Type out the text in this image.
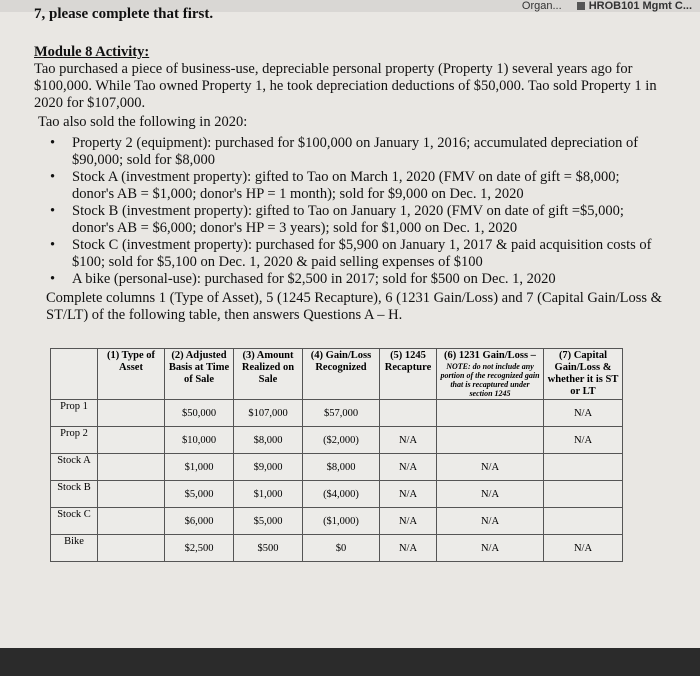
Organ... HROB101 Mgmt C...
7, please complete that first.

Module 8 Activity:

Tao purchased a piece of business-use, depreciable personal property (Property 1) several years ago for $100,000. While Tao owned Property 1, he took depreciation deductions of $50,000. Tao sold Property 1 in 2020 for $107,000.

Tao also sold the following in 2020:

• Property 2 (equipment): purchased for $100,000 on January 1, 2016; accumulated depreciation of $90,000; sold for $8,000
• Stock A (investment property): gifted to Tao on March 1, 2020 (FMV on date of gift = $8,000; donor's AB = $1,000; donor's HP = 1 month); sold for $9,000 on Dec. 1, 2020
• Stock B (investment property): gifted to Tao on January 1, 2020 (FMV on date of gift =$5,000; donor's AB = $6,000; donor's HP = 3 years); sold for $1,000 on Dec. 1, 2020
• Stock C (investment property): purchased for $5,900 on January 1, 2017 & paid acquisition costs of $100; sold for $5,100 on Dec. 1, 2020 & paid selling expenses of $100
• A bike (personal-use): purchased for $2,500 in 2017; sold for $500 on Dec. 1, 2020

Complete columns 1 (Type of Asset), 5 (1245 Recapture), 6 (1231 Gain/Loss) and 7 (Capital Gain/Loss & ST/LT) of the following table, then answers Questions A – H.

	(1) Type of Asset	(2) Adjusted Basis at Time of Sale	(3) Amount Realized on Sale	(4) Gain/Loss Recognized	(5) 1245 Recapture	(6) 1231 Gain/Loss –
NOTE: do not include any portion of the recognized gain that is recaptured under section 1245	(7) Capital Gain/Loss & whether it is ST or LT
Prop 1		$50,000	$107,000	$57,000			N/A
Prop 2		$10,000	$8,000	($2,000)	N/A		N/A
Stock A		$1,000	$9,000	$8,000	N/A	N/A	
Stock B		$5,000	$1,000	($4,000)	N/A	N/A	
Stock C		$6,000	$5,000	($1,000)	N/A	N/A	
Bike		$2,500	$500	$0	N/A	N/A	N/A
